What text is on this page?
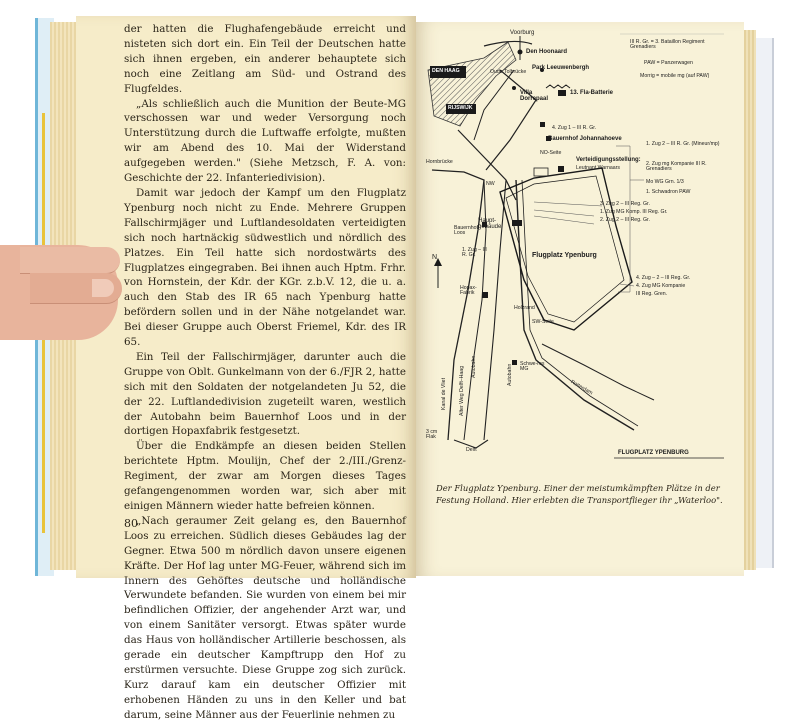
der hatten die Flughafengebäude erreicht und nisteten sich dort ein. Ein Teil der Deutschen hatte sich ihnen ergeben, ein anderer behauptete sich noch eine Zeitlang am Süd- und Ostrand des Flugfeldes.

„Als schließlich auch die Munition der Beute-MG verschossen war und weder Versorgung noch Unterstützung durch die Luftwaffe erfolgte, mußten wir am Abend des 10. Mai der Widerstand aufgegeben werden." (Siehe Metzsch, F. A. von: Geschichte der 22. Infanteriedivision).

Damit war jedoch der Kampf um den Flugplatz Ypenburg noch nicht zu Ende. Mehrere Gruppen Fallschirmjäger und Luftlandesoldaten verteidigten sich noch hartnäckig südwestlich und nördlich des Platzes. Ein Teil hatte sich nordostwärts des Flugplatzes eingegraben. Bei ihnen auch Hptm. Frhr. von Hornstein, der Kdr. der KGr. z.b.V. 12, die u. a. auch den Stab des IR 65 nach Ypenburg hatte befördern sollen und in der Nähe notgelandet war. Bei dieser Gruppe auch Oberst Friemel, Kdr. des IR 65.

Ein Teil der Fallschirmjäger, darunter auch die Gruppe von Oblt. Gunkelmann von der 6./FJR 2, hatte sich mit den Soldaten der notgelandeten Ju 52, die der 22. Luftlandedivision zugeteilt waren, westlich der Autobahn beim Bauernhof Loos und in der dortigen Hopaxfabrik festgesetzt.

Über die Endkämpfe an diesen beiden Stellen berichtete Hptm. Moulijn, Chef der 2./III./Grenz-Regiment, der zwar am Morgen dieses Tages gefangengenommen worden war, sich aber mit einigen Männern wieder hatte befreien können.

„Nach geraumer Zeit gelang es, den Bauernhof Loos zu erreichen. Südlich dieses Gebäudes lag der Gegner. Etwa 500 m nördlich davon unsere eigenen Kräfte. Der Hof lag unter MG-Feuer, während sich im Innern des Gehöftes deutsche und holländische Verwundete befanden. Sie wurden von einem bei mir befindlichen Offizier, der angehender Arzt war, und von einem Sanitäter versorgt. Etwas später wurde das Haus von holländischer Artillerie beschossen, als gerade ein deutscher Kampftrupp den Hof zu erstürmen versuchte. Diese Gruppe zog sich zurück. Kurz darauf kam ein deutscher Offizier mit erhobenen Händen zu uns in den Keller und bat darum, seine Männer aus der Feuerlinie nehmen zu

80
Voorburg
DEN HAAG
RIJSWIJK
Den Hoonaard
Park Leeuwenbergh
Oude Tolbrücke
Villa Dorrepaal
13. Fla-Batterie
III R. Gr. = 3. Bataillon Regiment Grenadiers
PAW = Panzerwagen
Morrig = mobile mg (auf PAW)
4. Zug 1 – III R. Gr.
Bauernhof Johannahoeve
NO-Seite
Verteidigungsstellung:
Leutnant Warnaars
1. Zug 2 – III R. Gr. (Mineur/mp)
2. Zug mg Kompanie III R. Grenadiers
Mo WG Grn. 1/3
1. Schwadron PAW
Hornbrücke
NW
Haupt-gebäude
3. Zug 2 – III Reg. Gr.
1. Zug MG Komp. III Reg. Gr.
2. Zug 2 – III Reg. Gr.
Bauernhof Loos
1. Zug – III R. Gr.	Flugplatz Ypenburg
N
4. Zug – 2 – III Reg. Gr.
4. Zug MG Kompanie
III Reg. Gren.
Hopax-Fabrik
Holzrand
SW-Seite
Autobahn	Autobahn
Kanal de Vliet Alter Weg Delft–Haag
Schwe-res MG
Rotterdam
3 cm Flak
Delft	FLUGPLATZ YPENBURG
Der Flugplatz Ypenburg. Einer der meistumkämpften Plätze in der Festung Holland. Hier erlebten die Transportflieger ihr „Waterloo".
